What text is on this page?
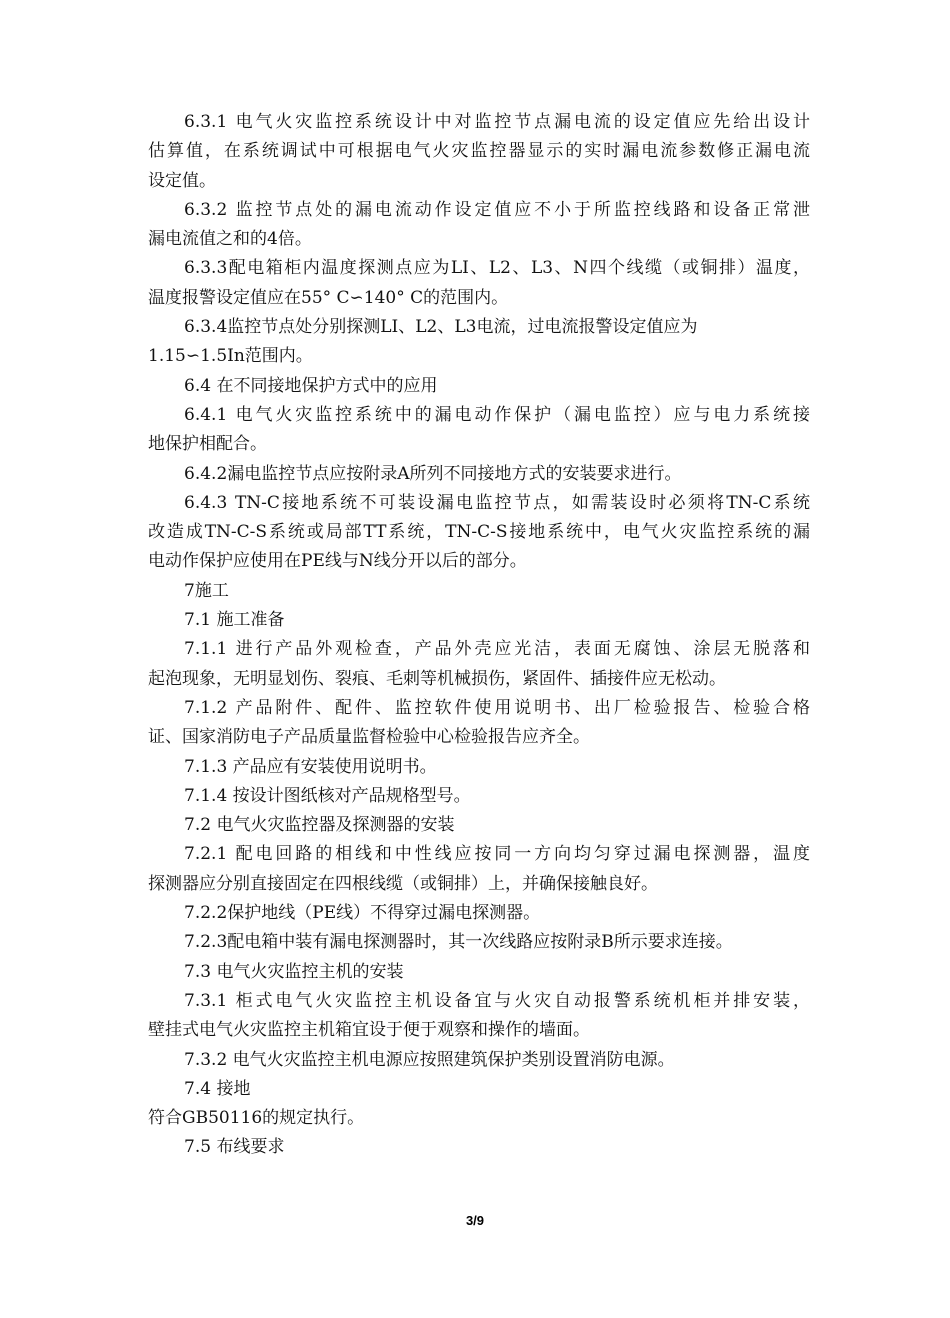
6.3.1 电气火灾监控系统设计中对监控节点漏电流的设定值应先给出设计
估算值，在系统调试中可根据电气火灾监控器显示的实时漏电流参数修正漏电流
设定值。
6.3.2 监控节点处的漏电流动作设定值应不小于所监控线路和设备正常泄
漏电流值之和的4倍。
6.3.3配电箱柜内温度探测点应为LI、L2、L3、N四个线缆（或铜排）温度，
温度报警设定值应在55° C∽140° C的范围内。
6.3.4监控节点处分别探测LI、L2、L3电流，过电流报警设定值应为
1.15∽1.5In范围内。
6.4 在不同接地保护方式中的应用
6.4.1 电气火灾监控系统中的漏电动作保护（漏电监控）应与电力系统接
地保护相配合。
6.4.2漏电监控节点应按附录A所列不同接地方式的安装要求进行。
6.4.3 TN-C接地系统不可装设漏电监控节点，如需装设时必须将TN-C系统
改造成TN-C-S系统或局部TT系统，TN-C-S接地系统中，电气火灾监控系统的漏
电动作保护应使用在PE线与N线分开以后的部分。
7施工
7.1 施工准备
7.1.1 进行产品外观检查，产品外壳应光洁，表面无腐蚀、涂层无脱落和
起泡现象，无明显划伤、裂痕、毛刺等机械损伤，紧固件、插接件应无松动。
7.1.2 产品附件、配件、监控软件使用说明书、出厂检验报告、检验合格
证、国家消防电子产品质量监督检验中心检验报告应齐全。
7.1.3 产品应有安装使用说明书。
7.1.4 按设计图纸核对产品规格型号。
7.2 电气火灾监控器及探测器的安装
7.2.1 配电回路的相线和中性线应按同一方向均匀穿过漏电探测器，温度
探测器应分别直接固定在四根线缆（或铜排）上，并确保接触良好。
7.2.2保护地线（PE线）不得穿过漏电探测器。
7.2.3配电箱中装有漏电探测器时，其一次线路应按附录B所示要求连接。
7.3 电气火灾监控主机的安装
7.3.1 柜式电气火灾监控主机设备宜与火灾自动报警系统机柜并排安装，
壁挂式电气火灾监控主机箱宜设于便于观察和操作的墙面。
7.3.2 电气火灾监控主机电源应按照建筑保护类别设置消防电源。
7.4 接地
符合GB50116的规定执行。
7.5 布线要求
3/9
